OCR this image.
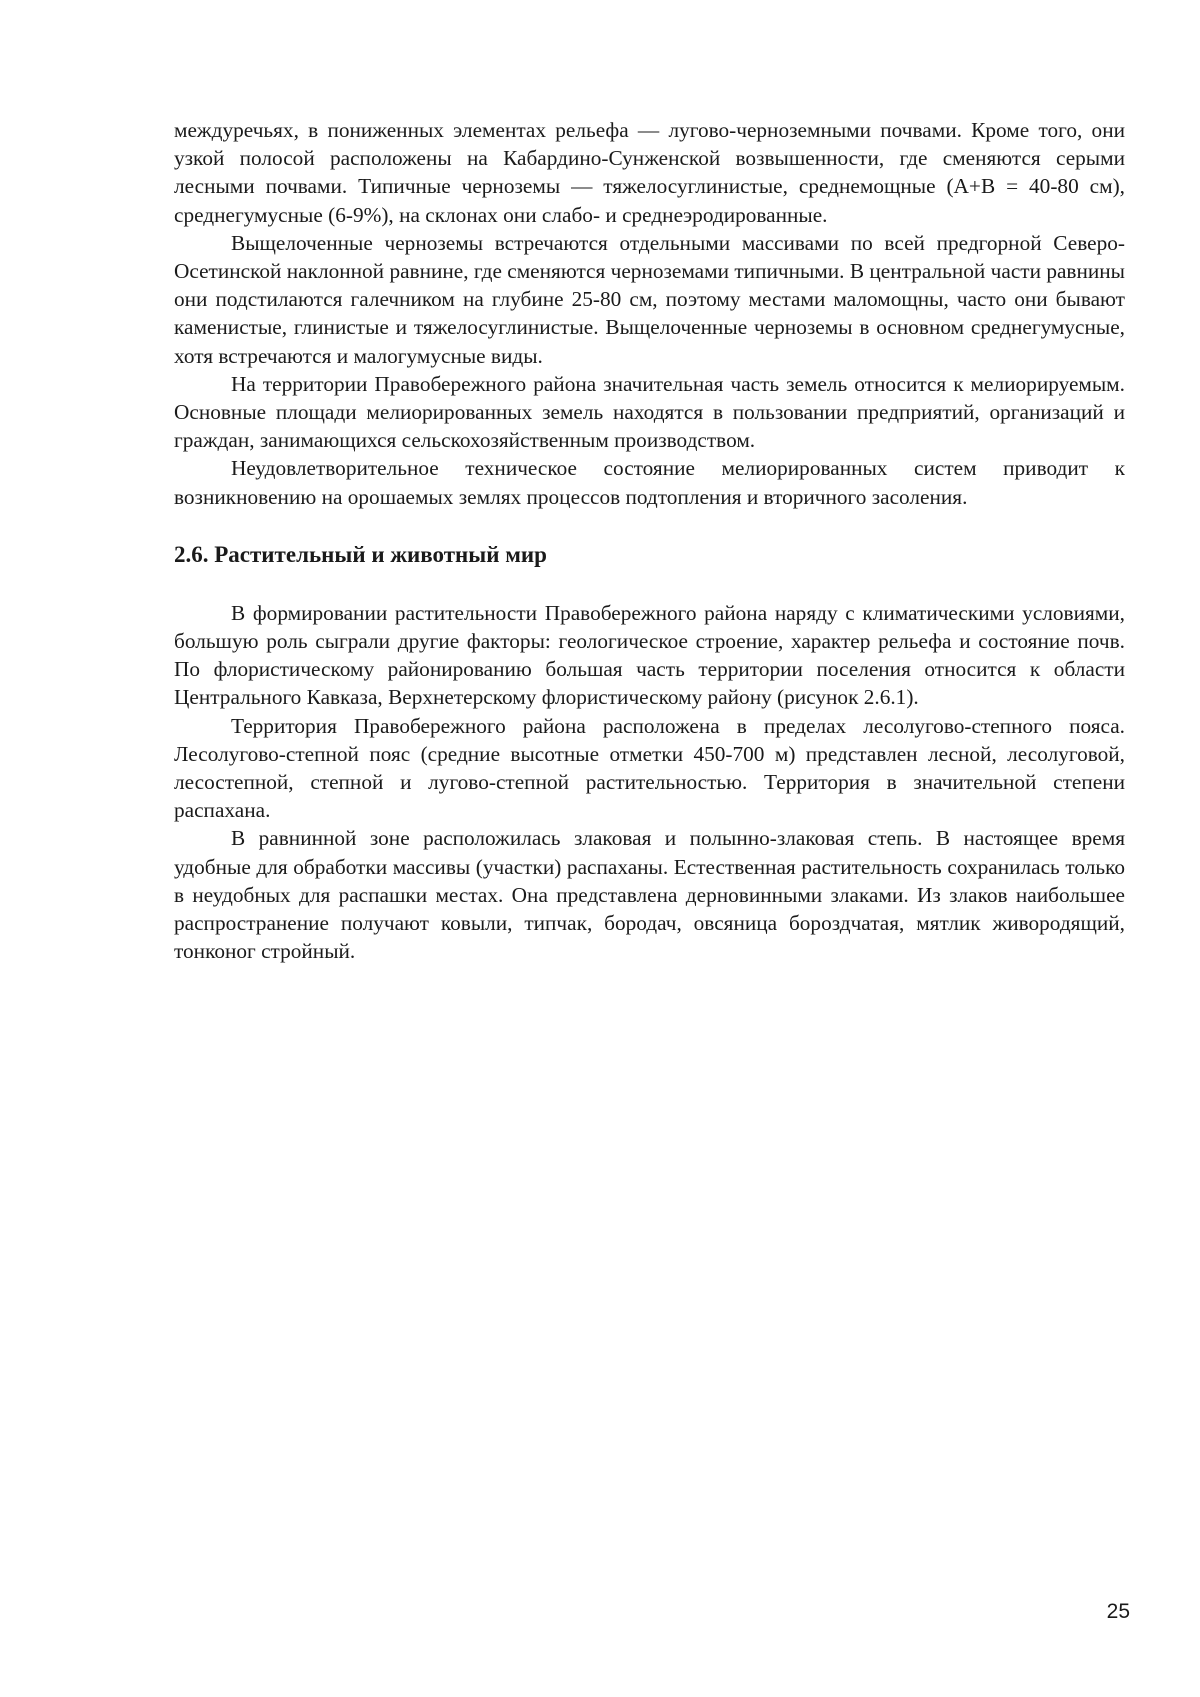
междуречьях, в пониженных элементах рельефа — лугово-черноземными почвами. Кроме того, они узкой полосой расположены на Кабардино-Сунженской возвышенности, где сменяются серыми лесными почвами. Типичные черноземы — тяжелосуглинистые, среднемощные (А+В = 40-80 см), среднегумусные (6-9%), на склонах они слабо- и среднеэродированные.

Выщелоченные черноземы встречаются отдельными массивами по всей предгорной Северо-Осетинской наклонной равнине, где сменяются черноземами типичными. В центральной части равнины они подстилаются галечником на глубине 25-80 см, поэтому местами маломощны, часто они бывают каменистые, глинистые и тяжелосуглинистые. Выщелоченные черноземы в основном среднегумусные, хотя встречаются и малогумусные виды.

На территории Правобережного района значительная часть земель относится к мелиорируемым. Основные площади мелиорированных земель находятся в пользовании предприятий, организаций и граждан, занимающихся сельскохозяйственным производством.

Неудовлетворительное техническое состояние мелиорированных систем приводит к возникновению на орошаемых землях процессов подтопления и вторичного засоления.

2.6. Растительный и животный мир

В формировании растительности Правобережного района наряду с климатическими условиями, большую роль сыграли другие факторы: геологическое строение, характер рельефа и состояние почв. По флористическому районированию большая часть территории поселения относится к области Центрального Кавказа, Верхнетерскому флористическому району (рисунок 2.6.1).

Территория Правобережного района расположена в пределах лесолугово-степного пояса. Лесолугово-степной пояс (средние высотные отметки 450-700 м) представлен лесной, лесолуговой, лесостепной, степной и лугово-степной растительностью. Территория в значительной степени распахана.

В равнинной зоне расположилась злаковая и полынно-злаковая степь. В настоящее время удобные для обработки массивы (участки) распаханы. Естественная растительность сохранилась только в неудобных для распашки местах. Она представлена дерновинными злаками. Из злаков наибольшее распространение получают ковыли, типчак, бородач, овсяница бороздчатая, мятлик живородящий, тонконог стройный.

25
